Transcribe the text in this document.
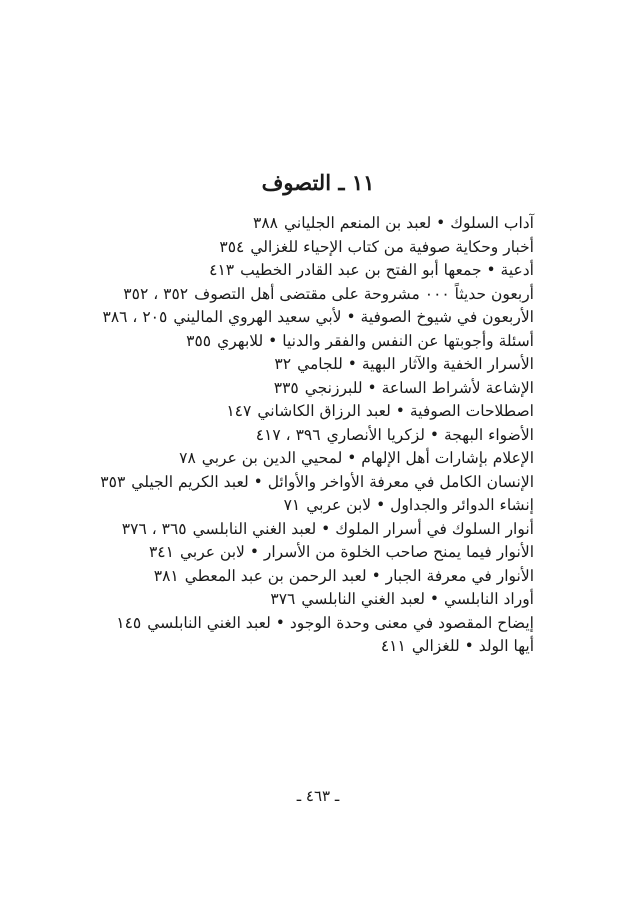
١١ ـ التصوف
آداب السلوك • لعبد بن المنعم الجلياني٣٨٨
أخبار وحكاية صوفية من كتاب الإحياء للغزالي٣٥٤
أدعية • جمعها أبو الفتح بن عبد القادر الخطيب٤١٣
أربعون حديثاً ٠٠٠ مشروحة على مقتضى أهل التصوف٣٥٢ ، ٣٥٢
الأربعون في شيوخ الصوفية • لأبي سعيد الهروي الماليني٢٠٥ ، ٣٨٦
أسئلة وأجوبتها عن النفس والفقر والدنيا • للابهري٣٥٥
الأسرار الخفية والآثار البهية • للجامي٣٢
الإشاعة لأشراط الساعة • للبرزنجي٣٣٥
اصطلاحات الصوفية • لعبد الرزاق الكاشاني١٤٧
الأضواء البهجة • لزكريا الأنصاري٣٩٦ ، ٤١٧
الإعلام بإشارات أهل الإلهام • لمحيي الدين بن عربي٧٨
الإنسان الكامل في معرفة الأواخر والأوائل • لعبد الكريم الجيلي٣٥٣
إنشاء الدوائر والجداول • لابن عربي٧١
أنوار السلوك في أسرار الملوك • لعبد الغني النابلسي٣٦٥ ، ٣٧٦
الأنوار فيما يمنح صاحب الخلوة من الأسرار • لابن عربي٣٤١
الأنوار في معرفة الجبار • لعبد الرحمن بن عبد المعطي٣٨١
أوراد النابلسي • لعبد الغني النابلسي٣٧٦
إيضاح المقصود في معنى وحدة الوجود • لعبد الغني النابلسي١٤٥
أيها الولد • للغزالي٤١١
ـ ٤٦٣ ـ
